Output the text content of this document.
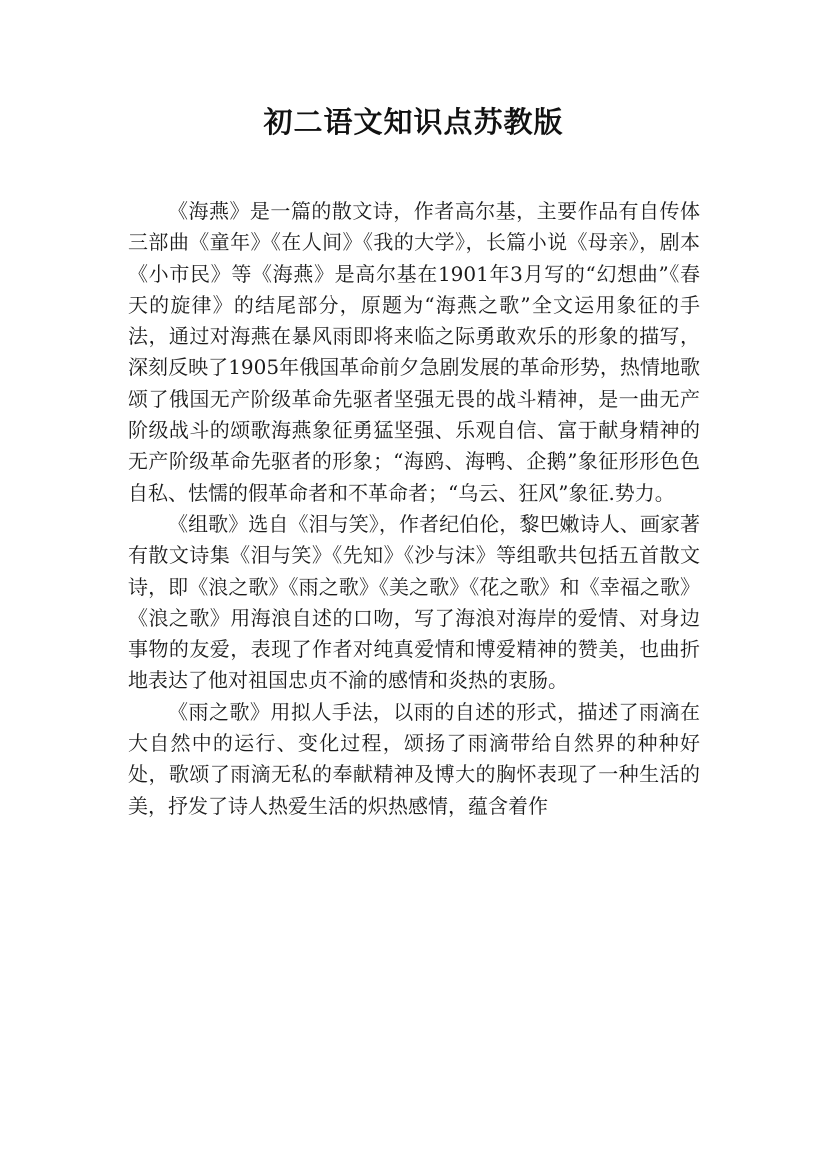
初二语文知识点苏教版

《海燕》是一篇的散文诗，作者高尔基，主要作品有自传体三部曲《童年》《在人间》《我的大学》，长篇小说《母亲》，剧本《小市民》等《海燕》是高尔基在1901年3月写的“幻想曲”《春天的旋律》的结尾部分，原题为“海燕之歌”全文运用象征的手法，通过对海燕在暴风雨即将来临之际勇敢欢乐的形象的描写，深刻反映了1905年俄国革命前夕急剧发展的革命形势，热情地歌颂了俄国无产阶级革命先驱者坚强无畏的战斗精神，是一曲无产阶级战斗的颂歌海燕象征勇猛坚强、乐观自信、富于献身精神的无产阶级革命先驱者的形象；“海鸥、海鸭、企鹅”象征形形色色自私、怯懦的假革命者和不革命者；“乌云、狂风”象征.势力。

《组歌》选自《泪与笑》，作者纪伯伦，黎巴嫩诗人、画家著有散文诗集《泪与笑》《先知》《沙与沫》等组歌共包括五首散文诗，即《浪之歌》《雨之歌》《美之歌》《花之歌》和《幸福之歌》《浪之歌》用海浪自述的口吻，写了海浪对海岸的爱情、对身边事物的友爱，表现了作者对纯真爱情和博爱精神的赞美，也曲折地表达了他对祖国忠贞不渝的感情和炎热的衷肠。

《雨之歌》用拟人手法，以雨的自述的形式，描述了雨滴在大自然中的运行、变化过程，颂扬了雨滴带给自然界的种种好处，歌颂了雨滴无私的奉献精神及博大的胸怀表现了一种生活的美，抒发了诗人热爱生活的炽热感情，蕴含着作
